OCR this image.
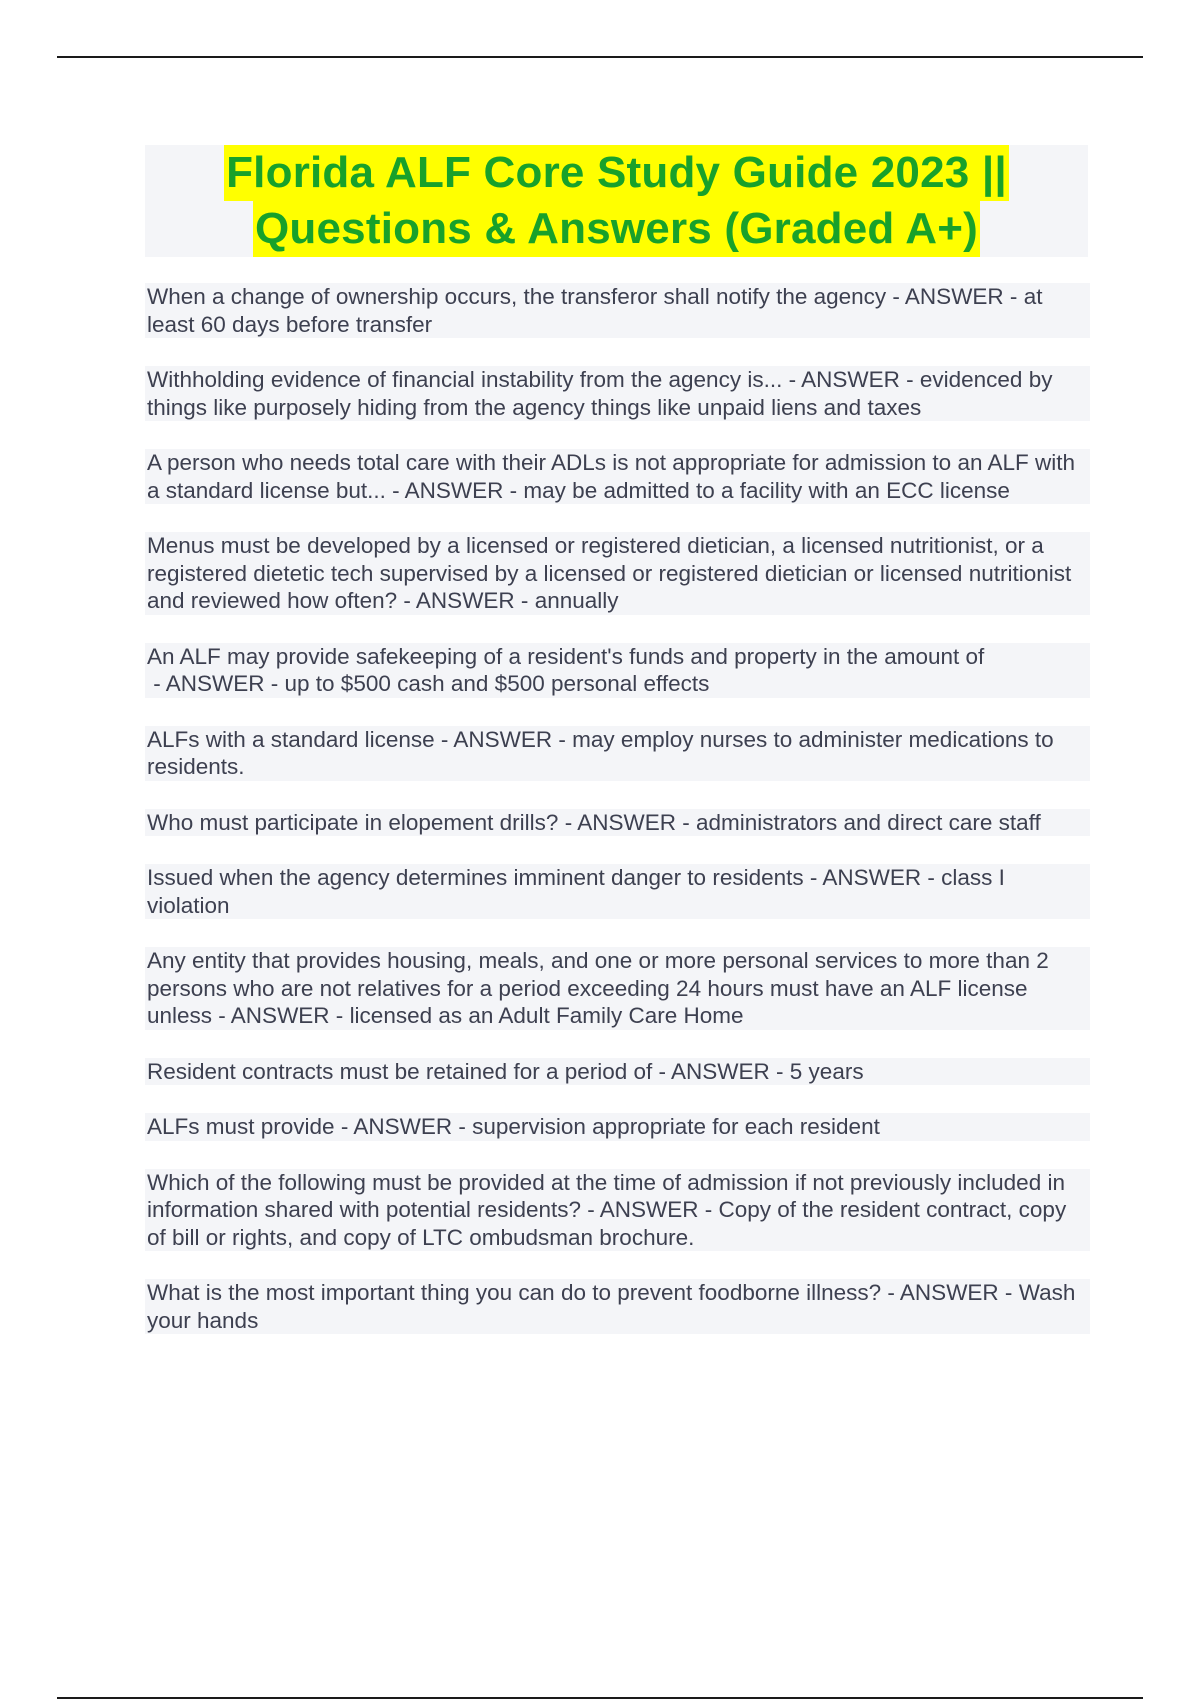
Florida ALF Core Study Guide 2023 ||
Questions & Answers (Graded A+)

When a change of ownership occurs, the transferor shall notify the agency - ANSWER - at least 60 days before transfer

Withholding evidence of financial instability from the agency is... - ANSWER - evidenced by things like purposely hiding from the agency things like unpaid liens and taxes

A person who needs total care with their ADLs is not appropriate for admission to an ALF with a standard license but... - ANSWER - may be admitted to a facility with an ECC license

Menus must be developed by a licensed or registered dietician, a licensed nutritionist, or a registered dietetic tech supervised by a licensed or registered dietician or licensed nutritionist and reviewed how often? - ANSWER - annually

An ALF may provide safekeeping of a resident's funds and property in the amount of - ANSWER - up to $500 cash and $500 personal effects

ALFs with a standard license - ANSWER - may employ nurses to administer medications to residents.

Who must participate in elopement drills? - ANSWER - administrators and direct care staff

Issued when the agency determines imminent danger to residents - ANSWER - class I violation

Any entity that provides housing, meals, and one or more personal services to more than 2 persons who are not relatives for a period exceeding 24 hours must have an ALF license unless - ANSWER - licensed as an Adult Family Care Home

Resident contracts must be retained for a period of - ANSWER - 5 years

ALFs must provide - ANSWER - supervision appropriate for each resident

Which of the following must be provided at the time of admission if not previously included in information shared with potential residents? - ANSWER - Copy of the resident contract, copy of bill or rights, and copy of LTC ombudsman brochure.

What is the most important thing you can do to prevent foodborne illness? - ANSWER - Wash your hands
